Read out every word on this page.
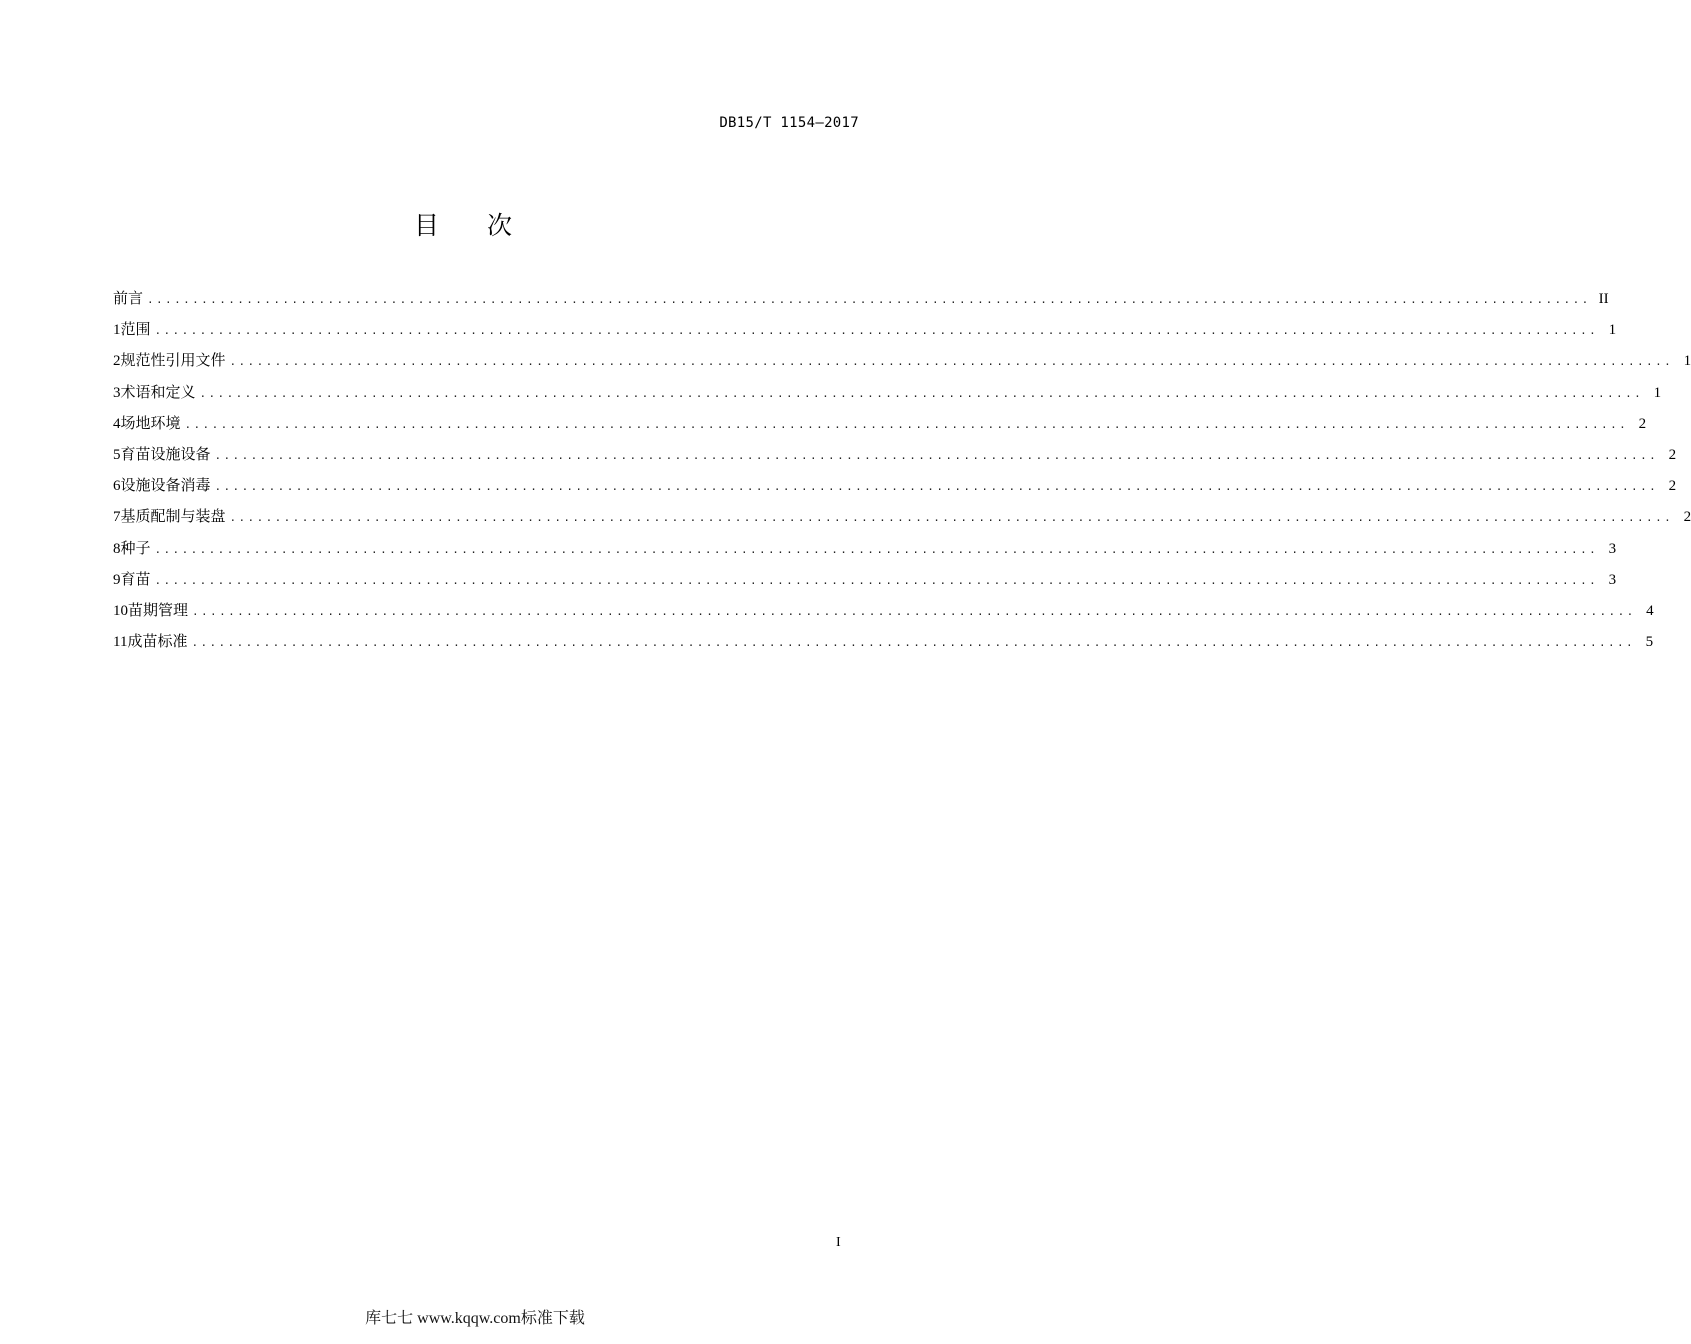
DB15/T 1154—2017
目次
前言 ................................................................................................................................................................ II
1 范围 ................................................................................................................................................................ 1
2 规范性引用文件 ................................................................................................................................................................ 1
3 术语和定义 ................................................................................................................................................................ 1
4 场地环境 ................................................................................................................................................................ 2
5 育苗设施设备 ................................................................................................................................................................ 2
6 设施设备消毒 ................................................................................................................................................................ 2
7 基质配制与装盘 ................................................................................................................................................................ 2
8 种子 ................................................................................................................................................................ 3
9 育苗 ................................................................................................................................................................ 3
10 苗期管理 ................................................................................................................................................................ 4
11 成苗标准 ................................................................................................................................................................ 5
I
库七七 www.kqqw.com标准下载
